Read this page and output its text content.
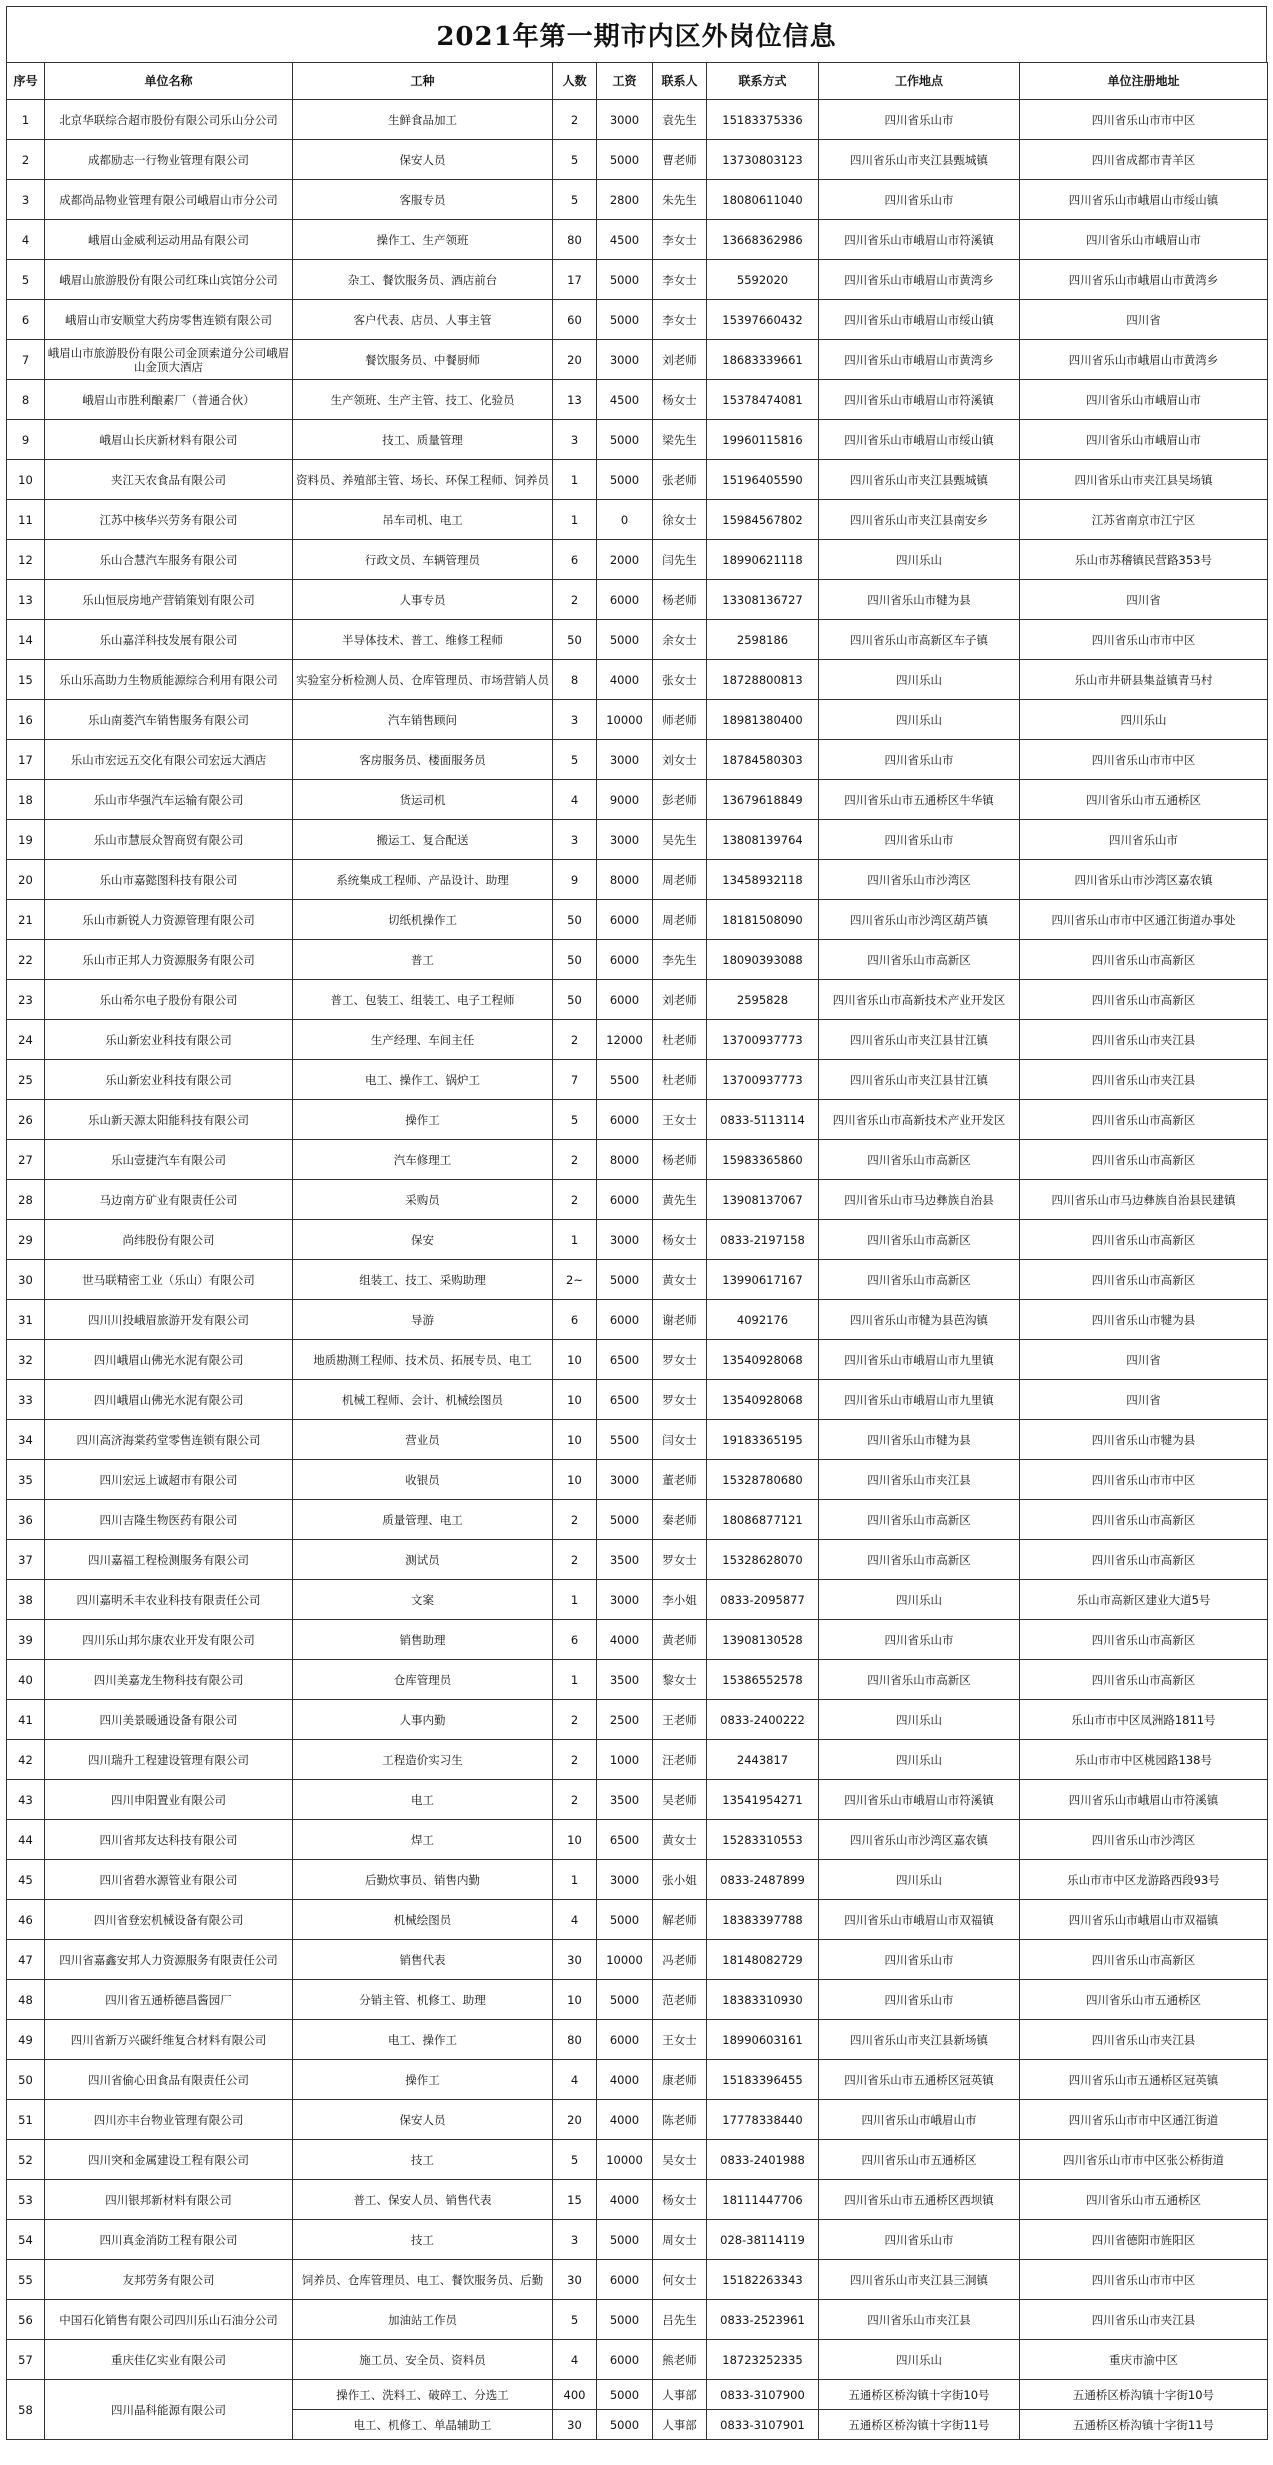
2021年第一期市内区外岗位信息
序号	单位名称	工种	人数	工资	联系人	联系方式	工作地点	单位注册地址
1	北京华联综合超市股份有限公司乐山分公司	生鲜食品加工	2	3000	袁先生	15183375336	四川省乐山市	四川省乐山市市中区
2	成都励志一行物业管理有限公司	保安人员	5	5000	曹老师	13730803123	四川省乐山市夹江县甄城镇	四川省成都市青羊区
3	成都尚品物业管理有限公司峨眉山市分公司	客服专员	5	2800	朱先生	18080611040	四川省乐山市	四川省乐山市峨眉山市绥山镇
4	峨眉山金威利运动用品有限公司	操作工、生产领班	80	4500	李女士	13668362986	四川省乐山市峨眉山市符溪镇	四川省乐山市峨眉山市
5	峨眉山旅游股份有限公司红珠山宾馆分公司	杂工、餐饮服务员、酒店前台	17	5000	李女士	5592020	四川省乐山市峨眉山市黄湾乡	四川省乐山市峨眉山市黄湾乡
6	峨眉山市安顺堂大药房零售连锁有限公司	客户代表、店员、人事主管	60	5000	李女士	15397660432	四川省乐山市峨眉山市绥山镇	四川省
7	峨眉山市旅游股份有限公司金顶索道分公司峨眉山金顶大酒店	餐饮服务员、中餐厨师	20	3000	刘老师	18683339661	四川省乐山市峨眉山市黄湾乡	四川省乐山市峨眉山市黄湾乡
8	峨眉山市胜利酿素厂（普通合伙）	生产领班、生产主管、技工、化验员	13	4500	杨女士	15378474081	四川省乐山市峨眉山市符溪镇	四川省乐山市峨眉山市
9	峨眉山长庆新材料有限公司	技工、质量管理	3	5000	梁先生	19960115816	四川省乐山市峨眉山市绥山镇	四川省乐山市峨眉山市
10	夹江天农食品有限公司	资料员、养殖部主管、场长、环保工程师、饲养员	1	5000	张老师	15196405590	四川省乐山市夹江县甄城镇	四川省乐山市夹江县吴场镇
11	江苏中核华兴劳务有限公司	吊车司机、电工	1	0	徐女士	15984567802	四川省乐山市夹江县南安乡	江苏省南京市江宁区
12	乐山合慧汽车服务有限公司	行政文员、车辆管理员	6	2000	闫先生	18990621118	四川乐山	乐山市苏稽镇民营路353号
13	乐山恒辰房地产营销策划有限公司	人事专员	2	6000	杨老师	13308136727	四川省乐山市犍为县	四川省
14	乐山嘉洋科技发展有限公司	半导体技术、普工、维修工程师	50	5000	余女士	2598186	四川省乐山市高新区车子镇	四川省乐山市市中区
15	乐山乐高助力生物质能源综合利用有限公司	实验室分析检测人员、仓库管理员、市场营销人员	8	4000	张女士	18728800813	四川乐山	乐山市井研县集益镇青马村
16	乐山南菱汽车销售服务有限公司	汽车销售顾问	3	10000	师老师	18981380400	四川乐山	四川乐山
17	乐山市宏远五交化有限公司宏远大酒店	客房服务员、楼面服务员	5	3000	刘女士	18784580303	四川省乐山市	四川省乐山市市中区
18	乐山市华强汽车运输有限公司	货运司机	4	9000	彭老师	13679618849	四川省乐山市五通桥区牛华镇	四川省乐山市五通桥区
19	乐山市慧辰众智商贸有限公司	搬运工、复合配送	3	3000	吴先生	13808139764	四川省乐山市	四川省乐山市
20	乐山市嘉懿图科技有限公司	系统集成工程师、产品设计、助理	9	8000	周老师	13458932118	四川省乐山市沙湾区	四川省乐山市沙湾区嘉农镇
21	乐山市新锐人力资源管理有限公司	切纸机操作工	50	6000	周老师	18181508090	四川省乐山市沙湾区葫芦镇	四川省乐山市市中区通江街道办事处
22	乐山市正邦人力资源服务有限公司	普工	50	6000	李先生	18090393088	四川省乐山市高新区	四川省乐山市高新区
23	乐山希尔电子股份有限公司	普工、包装工、组装工、电子工程师	50	6000	刘老师	2595828	四川省乐山市高新技术产业开发区	四川省乐山市高新区
24	乐山新宏业科技有限公司	生产经理、车间主任	2	12000	杜老师	13700937773	四川省乐山市夹江县甘江镇	四川省乐山市夹江县
25	乐山新宏业科技有限公司	电工、操作工、锅炉工	7	5500	杜老师	13700937773	四川省乐山市夹江县甘江镇	四川省乐山市夹江县
26	乐山新天源太阳能科技有限公司	操作工	5	6000	王女士	0833-5113114	四川省乐山市高新技术产业开发区	四川省乐山市高新区
27	乐山壹捷汽车有限公司	汽车修理工	2	8000	杨老师	15983365860	四川省乐山市高新区	四川省乐山市高新区
28	马边南方矿业有限责任公司	采购员	2	6000	黄先生	13908137067	四川省乐山市马边彝族自治县	四川省乐山市马边彝族自治县民建镇
29	尚纬股份有限公司	保安	1	3000	杨女士	0833-2197158	四川省乐山市高新区	四川省乐山市高新区
30	世马联精密工业（乐山）有限公司	组装工、技工、采购助理	2~	5000	黄女士	13990617167	四川省乐山市高新区	四川省乐山市高新区
31	四川川投峨眉旅游开发有限公司	导游	6	6000	谢老师	4092176	四川省乐山市犍为县芭沟镇	四川省乐山市犍为县
32	四川峨眉山佛光水泥有限公司	地质勘测工程师、技术员、拓展专员、电工	10	6500	罗女士	13540928068	四川省乐山市峨眉山市九里镇	四川省
33	四川峨眉山佛光水泥有限公司	机械工程师、会计、机械绘图员	10	6500	罗女士	13540928068	四川省乐山市峨眉山市九里镇	四川省
34	四川高济海棠药堂零售连锁有限公司	营业员	10	5500	闫女士	19183365195	四川省乐山市犍为县	四川省乐山市犍为县
35	四川宏远上诚超市有限公司	收银员	10	3000	董老师	15328780680	四川省乐山市夹江县	四川省乐山市市中区
36	四川吉隆生物医药有限公司	质量管理、电工	2	5000	秦老师	18086877121	四川省乐山市高新区	四川省乐山市高新区
37	四川嘉福工程检测服务有限公司	测试员	2	3500	罗女士	15328628070	四川省乐山市高新区	四川省乐山市高新区
38	四川嘉明禾丰农业科技有限责任公司	文案	1	3000	李小姐	0833-2095877	四川乐山	乐山市高新区建业大道5号
39	四川乐山邦尔康农业开发有限公司	销售助理	6	4000	黄老师	13908130528	四川省乐山市	四川省乐山市高新区
40	四川美嘉龙生物科技有限公司	仓库管理员	1	3500	黎女士	15386552578	四川省乐山市高新区	四川省乐山市高新区
41	四川美景暖通设备有限公司	人事内勤	2	2500	王老师	0833-2400222	四川乐山	乐山市市中区凤洲路1811号
42	四川瑞升工程建设管理有限公司	工程造价实习生	2	1000	汪老师	2443817	四川乐山	乐山市市中区桃园路138号
43	四川申阳置业有限公司	电工	2	3500	吴老师	13541954271	四川省乐山市峨眉山市符溪镇	四川省乐山市峨眉山市符溪镇
44	四川省邦友达科技有限公司	焊工	10	6500	黄女士	15283310553	四川省乐山市沙湾区嘉农镇	四川省乐山市沙湾区
45	四川省碧水源管业有限公司	后勤炊事员、销售内勤	1	3000	张小姐	0833-2487899	四川乐山	乐山市市中区龙游路西段93号
46	四川省登宏机械设备有限公司	机械绘图员	4	5000	解老师	18383397788	四川省乐山市峨眉山市双福镇	四川省乐山市峨眉山市双福镇
47	四川省嘉鑫安邦人力资源服务有限责任公司	销售代表	30	10000	冯老师	18148082729	四川省乐山市	四川省乐山市高新区
48	四川省五通桥德昌酱园厂	分销主管、机修工、助理	10	5000	范老师	18383310930	四川省乐山市	四川省乐山市五通桥区
49	四川省新万兴碳纤维复合材料有限公司	电工、操作工	80	6000	王女士	18990603161	四川省乐山市夹江县新场镇	四川省乐山市夹江县
50	四川省偷心田食品有限责任公司	操作工	4	4000	康老师	15183396455	四川省乐山市五通桥区冠英镇	四川省乐山市五通桥区冠英镇
51	四川亦丰台物业管理有限公司	保安人员	20	4000	陈老师	17778338440	四川省乐山市峨眉山市	四川省乐山市市中区通江街道
52	四川突和金属建设工程有限公司	技工	5	10000	吴女士	0833-2401988	四川省乐山市五通桥区	四川省乐山市市中区张公桥街道
53	四川银邦新材料有限公司	普工、保安人员、销售代表	15	4000	杨女士	18111447706	四川省乐山市五通桥区西坝镇	四川省乐山市五通桥区
54	四川真金消防工程有限公司	技工	3	5000	周女士	028-38114119	四川省乐山市	四川省德阳市旌阳区
55	友邦劳务有限公司	饲养员、仓库管理员、电工、餐饮服务员、后勤	30	6000	何女士	15182263343	四川省乐山市夹江县三洞镇	四川省乐山市市中区
56	中国石化销售有限公司四川乐山石油分公司	加油站工作员	5	5000	吕先生	0833-2523961	四川省乐山市夹江县	四川省乐山市夹江县
57	重庆佳亿实业有限公司	施工员、安全员、资料员	4	6000	熊老师	18723252335	四川乐山	重庆市渝中区
58	四川晶科能源有限公司	操作工、洗料工、破碎工、分选工	400	5000	人事部	0833-3107900	五通桥区桥沟镇十字街10号	五通桥区桥沟镇十字街10号
		电工、机修工、单晶辅助工	30	5000	人事部	0833-3107901	五通桥区桥沟镇十字街11号	五通桥区桥沟镇十字街11号
